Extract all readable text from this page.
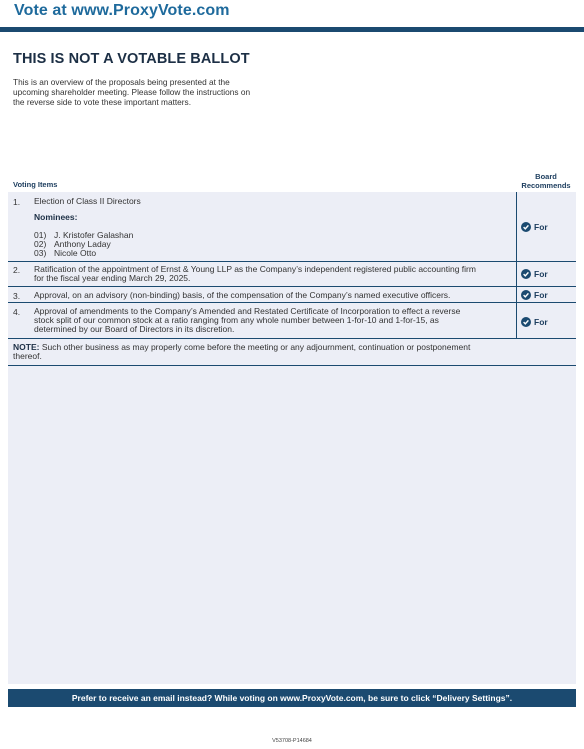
Vote at www.ProxyVote.com
THIS IS NOT A VOTABLE BALLOT
This is an overview of the proposals being presented at the
upcoming shareholder meeting. Please follow the instructions on
the reverse side to vote these important matters.
Voting Items
Board
Recommends
1. Election of Class II Directors
Nominees:
01) J. Kristofer Galashan
02) Anthony Laday
03) Nicole Otto
For
2. Ratification of the appointment of Ernst & Young LLP as the Company’s independent registered public accounting firm
for the fiscal year ending March 29, 2025.	For
3. Approval, on an advisory (non-binding) basis, of the compensation of the Company’s named executive officers.	For
4. Approval of amendments to the Company’s Amended and Restated Certificate of Incorporation to effect a reverse
stock split of our common stock at a ratio ranging from any whole number between 1-for-10 and 1-for-15, as
determined by our Board of Directors in its discretion.
For
NOTE: Such other business as may properly come before the meeting or any adjournment, continuation or postponement
thereof.
Prefer to receive an email instead? While voting on www.ProxyVote.com, be sure to click “Delivery Settings”.
V53708-P14684
